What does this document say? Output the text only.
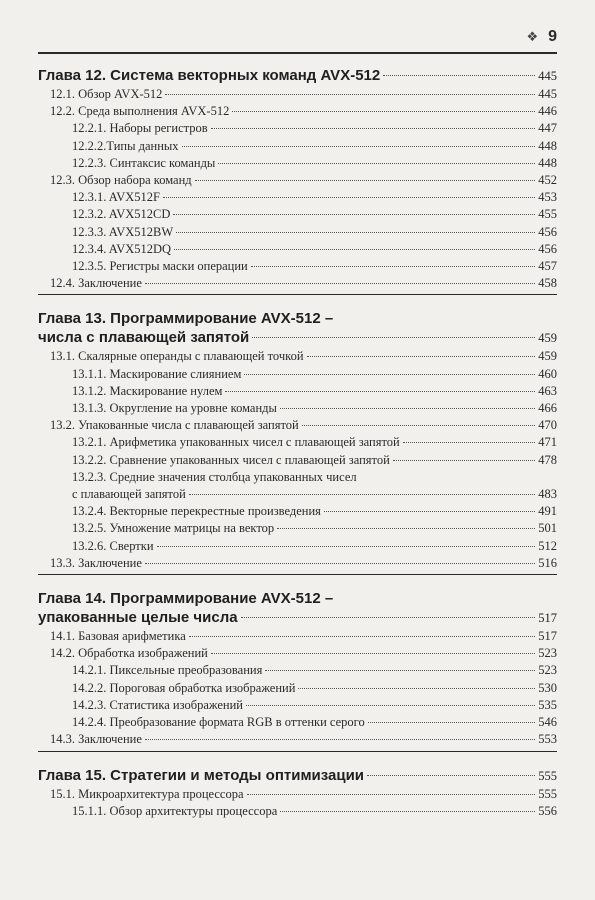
❖ 9
Глава 12. Система векторных команд AVX-512	445
12.1. Обзор AVX-512	445
12.2. Среда выполнения AVX-512	446
12.2.1. Наборы регистров	447
12.2.2.Типы данных	448
12.2.3. Синтаксис команды	448
12.3. Обзор набора команд	452
12.3.1. AVX512F	453
12.3.2. AVX512CD	455
12.3.3. AVX512BW	456
12.3.4. AVX512DQ	456
12.3.5. Регистры маски операции	457
12.4. Заключение	458
Глава 13. Программирование AVX-512 –
числа с плавающей запятой	459
13.1. Скалярные операнды с плавающей точкой	459
13.1.1. Маскирование слиянием	460
13.1.2. Маскирование нулем	463
13.1.3. Округление на уровне команды	466
13.2. Упакованные числа с плавающей запятой	470
13.2.1. Арифметика упакованных чисел с плавающей запятой	471
13.2.2. Сравнение упакованных чисел с плавающей запятой	478
13.2.3. Средние значения столбца упакованных чисел
с плавающей запятой	483
13.2.4. Векторные перекрестные произведения	491
13.2.5. Умножение матрицы на вектор	501
13.2.6. Свертки	512
13.3. Заключение	516
Глава 14. Программирование AVX-512 –
упакованные целые числа	517
14.1. Базовая арифметика	517
14.2. Обработка изображений	523
14.2.1. Пиксельные преобразования	523
14.2.2. Пороговая обработка изображений	530
14.2.3. Статистика изображений	535
14.2.4. Преобразование формата RGB в оттенки серого	546
14.3. Заключение	553
Глава 15. Стратегии и методы оптимизации	555
15.1. Микроархитектура процессора	555
15.1.1. Обзор архитектуры процессора	556
